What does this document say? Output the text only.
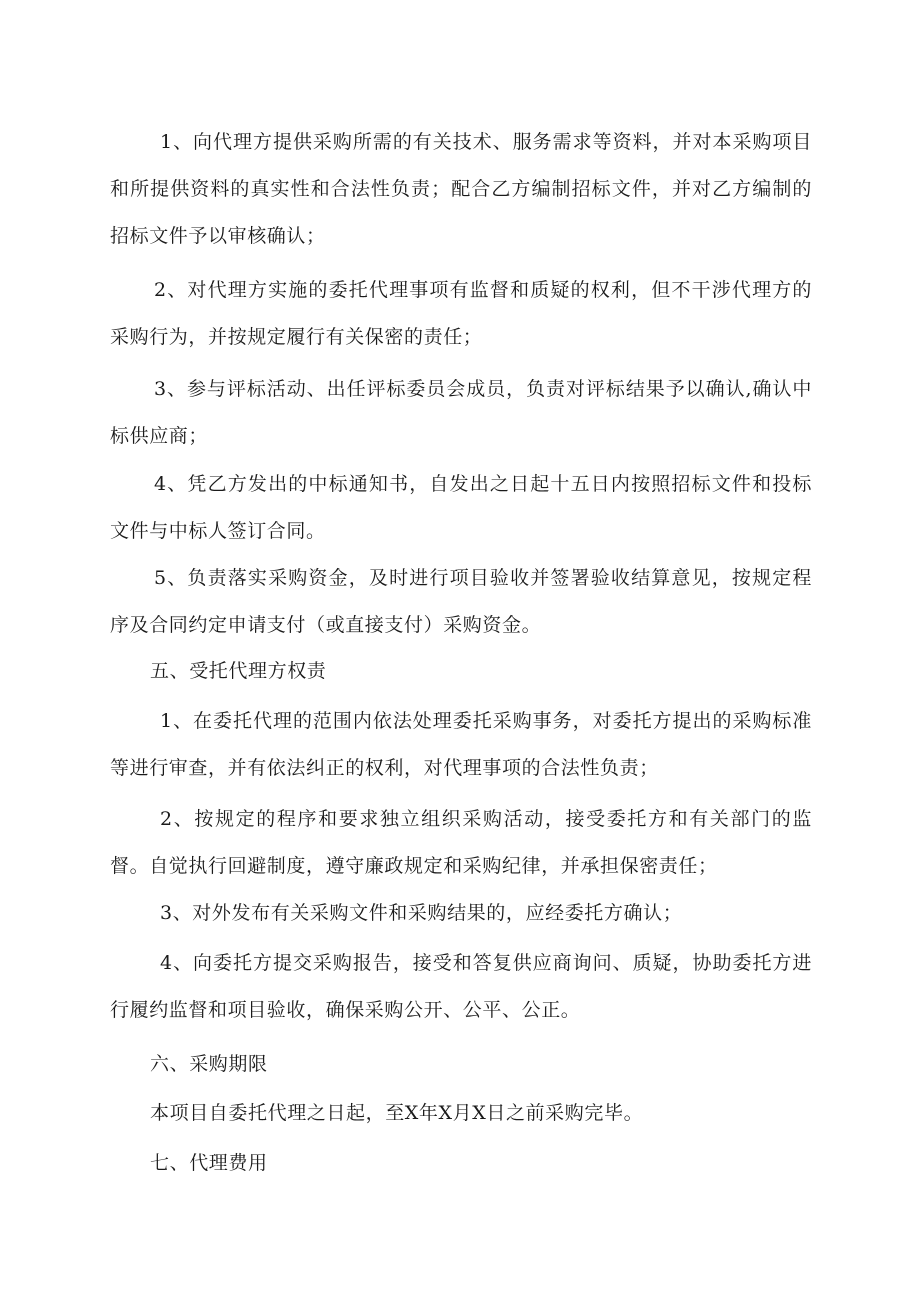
1、向代理方提供采购所需的有关技术、服务需求等资料，并对本采购项目和所提供资料的真实性和合法性负责；配合乙方编制招标文件，并对乙方编制的招标文件予以审核确认；

2、对代理方实施的委托代理事项有监督和质疑的权利，但不干涉代理方的采购行为，并按规定履行有关保密的责任；

3、参与评标活动、出任评标委员会成员，负责对评标结果予以确认,确认中标供应商；

4、凭乙方发出的中标通知书，自发出之日起十五日内按照招标文件和投标文件与中标人签订合同。

5、负责落实采购资金，及时进行项目验收并签署验收结算意见，按规定程序及合同约定申请支付（或直接支付）采购资金。

五、受托代理方权责

1、在委托代理的范围内依法处理委托采购事务，对委托方提出的采购标准等进行审查，并有依法纠正的权利，对代理事项的合法性负责；

2、按规定的程序和要求独立组织采购活动，接受委托方和有关部门的监督。自觉执行回避制度，遵守廉政规定和采购纪律，并承担保密责任；

3、对外发布有关采购文件和采购结果的，应经委托方确认；

4、向委托方提交采购报告，接受和答复供应商询问、质疑，协助委托方进行履约监督和项目验收，确保采购公开、公平、公正。

六、采购期限

本项目自委托代理之日起，至X年X月X日之前采购完毕。

七、代理费用
